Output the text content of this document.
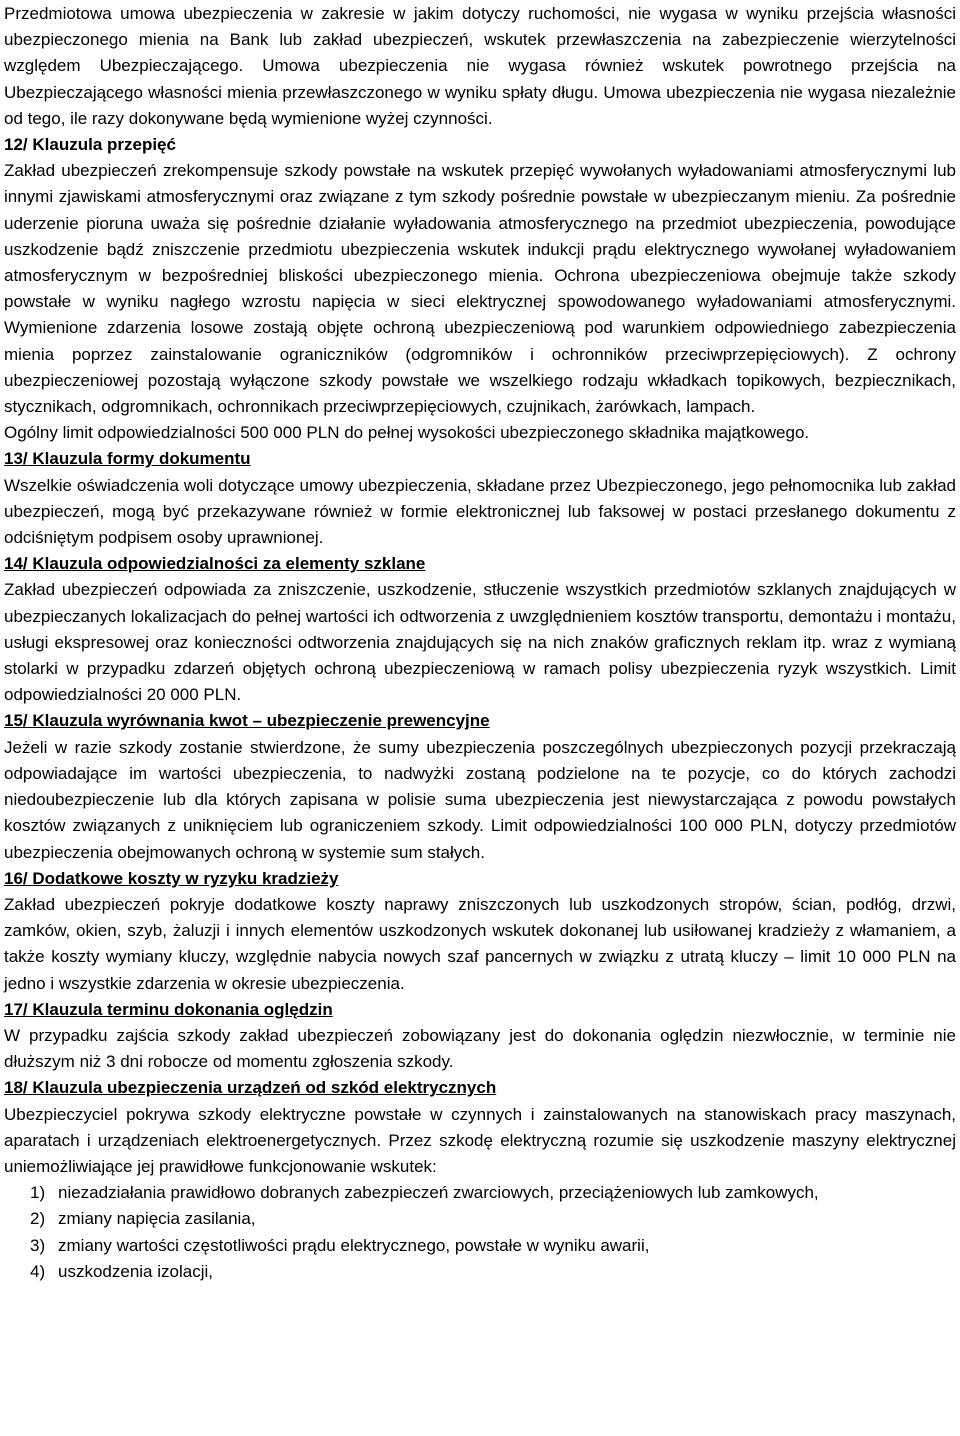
Przedmiotowa umowa ubezpieczenia w zakresie w jakim dotyczy ruchomości, nie wygasa w wyniku przejścia własności ubezpieczonego mienia na Bank lub zakład ubezpieczeń, wskutek przewłaszczenia na zabezpieczenie wierzytelności względem Ubezpieczającego. Umowa ubezpieczenia nie wygasa również wskutek powrotnego przejścia na Ubezpieczającego własności mienia przewłaszczonego w wyniku spłaty długu. Umowa ubezpieczenia nie wygasa niezależnie od tego, ile razy dokonywane będą wymienione wyżej czynności.

12/ Klauzula przepięć

Zakład ubezpieczeń zrekompensuje szkody powstałe na wskutek przepięć wywołanych wyładowaniami atmosferycznymi lub innymi zjawiskami atmosferycznymi oraz związane z tym szkody pośrednie powstałe w ubezpieczanym mieniu. Za pośrednie uderzenie pioruna uważa się pośrednie działanie wyładowania atmosferycznego na przedmiot ubezpieczenia, powodujące uszkodzenie bądź zniszczenie przedmiotu ubezpieczenia wskutek indukcji prądu elektrycznego wywołanej wyładowaniem atmosferycznym w bezpośredniej bliskości ubezpieczonego mienia. Ochrona ubezpieczeniowa obejmuje także szkody powstałe w wyniku nagłego wzrostu napięcia w sieci elektrycznej spowodowanego wyładowaniami atmosferycznymi. Wymienione zdarzenia losowe zostają objęte ochroną ubezpieczeniową pod warunkiem odpowiedniego zabezpieczenia mienia poprzez zainstalowanie ograniczników (odgromników i ochronników przeciwprzepięciowych). Z ochrony ubezpieczeniowej pozostają wyłączone szkody powstałe we wszelkiego rodzaju wkładkach topikowych, bezpiecznikach, stycznikach, odgromnikach, ochronnikach przeciwprzepięciowych, czujnikach, żarówkach, lampach.

Ogólny limit odpowiedzialności 500 000 PLN do pełnej wysokości ubezpieczonego składnika majątkowego.

13/ Klauzula formy dokumentu

Wszelkie oświadczenia woli dotyczące umowy ubezpieczenia, składane przez Ubezpieczonego, jego pełnomocnika lub zakład ubezpieczeń, mogą być przekazywane również w formie elektronicznej lub faksowej w postaci przesłanego dokumentu z odciśniętym podpisem osoby uprawnionej.

14/ Klauzula odpowiedzialności za elementy szklane

Zakład ubezpieczeń odpowiada za zniszczenie, uszkodzenie, stłuczenie wszystkich przedmiotów szklanych znajdujących w ubezpieczanych lokalizacjach do pełnej wartości ich odtworzenia z uwzględnieniem kosztów transportu, demontażu i montażu, usługi ekspresowej oraz konieczności odtworzenia znajdujących się na nich znaków graficznych reklam itp. wraz z wymianą stolarki w przypadku zdarzeń objętych ochroną ubezpieczeniową w ramach polisy ubezpieczenia ryzyk wszystkich. Limit odpowiedzialności 20 000 PLN.

15/ Klauzula wyrównania kwot – ubezpieczenie prewencyjne

Jeżeli w razie szkody zostanie stwierdzone, że sumy ubezpieczenia poszczególnych ubezpieczonych pozycji przekraczają odpowiadające im wartości ubezpieczenia, to nadwyżki zostaną podzielone na te pozycje, co do których zachodzi niedoubezpieczenie lub dla których zapisana w polisie suma ubezpieczenia jest niewystarczająca z powodu powstałych kosztów związanych z uniknięciem lub ograniczeniem szkody. Limit odpowiedzialności 100 000 PLN, dotyczy przedmiotów ubezpieczenia obejmowanych ochroną w systemie sum stałych.

16/ Dodatkowe koszty w ryzyku kradzieży

Zakład ubezpieczeń pokryje dodatkowe koszty naprawy zniszczonych lub uszkodzonych stropów, ścian, podłóg, drzwi, zamków, okien, szyb, żaluzji i innych elementów uszkodzonych wskutek dokonanej lub usiłowanej kradzieży z włamaniem, a także koszty wymiany kluczy, względnie nabycia nowych szaf pancernych w związku z utratą kluczy – limit 10 000 PLN na jedno i wszystkie zdarzenia w okresie ubezpieczenia.

17/ Klauzula terminu dokonania oględzin

W przypadku zajścia szkody zakład ubezpieczeń zobowiązany jest do dokonania oględzin niezwłocznie, w terminie nie dłuższym niż 3 dni robocze od momentu zgłoszenia szkody.

18/ Klauzula ubezpieczenia urządzeń od szkód elektrycznych

Ubezpieczyciel pokrywa szkody elektryczne powstałe w czynnych i zainstalowanych na stanowiskach pracy maszynach, aparatach i urządzeniach elektroenergetycznych. Przez szkodę elektryczną rozumie się uszkodzenie maszyny elektrycznej uniemożliwiające jej prawidłowe funkcjonowanie wskutek:

1) niezadziałania prawidłowo dobranych zabezpieczeń zwarciowych, przeciążeniowych lub zamkowych,
2) zmiany napięcia zasilania,
3) zmiany wartości częstotliwości prądu elektrycznego, powstałe w wyniku awarii,
4) uszkodzenia izolacji,
